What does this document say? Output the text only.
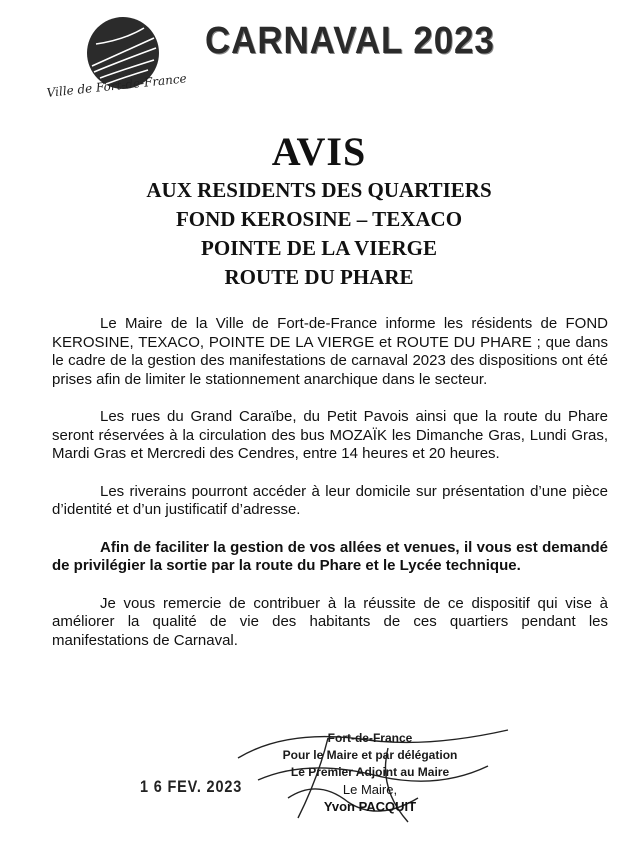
Ville de Fort-de-France
CARNAVAL 2023
AVIS
AUX RESIDENTS DES QUARTIERS
FOND KEROSINE – TEXACO
POINTE DE LA VIERGE
ROUTE DU PHARE

Le Maire de la Ville de Fort-de-France informe les résidents de FOND KEROSINE, TEXACO, POINTE DE LA VIERGE et ROUTE DU PHARE ; que dans le cadre de la gestion des manifestations de carnaval 2023 des dispositions ont été prises afin de limiter le stationnement anarchique dans le secteur.

Les rues du Grand Caraïbe, du Petit Pavois ainsi que la route du Phare seront réservées à la circulation des bus MOZAÏK les Dimanche Gras, Lundi Gras, Mardi Gras et Mercredi des Cendres, entre 14 heures et 20 heures.

Les riverains pourront accéder à leur domicile sur présentation d’une pièce d’identité et d’un justificatif d’adresse.

Afin de faciliter la gestion de vos allées et venues, il vous est demandé de privilégier la sortie par la route du Phare et le Lycée technique.

Je vous remercie de contribuer à la réussite de ce dispositif qui vise à améliorer la qualité de vie des habitants de ces quartiers pendant les manifestations de Carnaval.

1 6 FEV. 2023
Fort-de-France
Pour le Maire et par délégation
Le Premier Adjoint au Maire
Le Maire,
Yvon PACQUIT
